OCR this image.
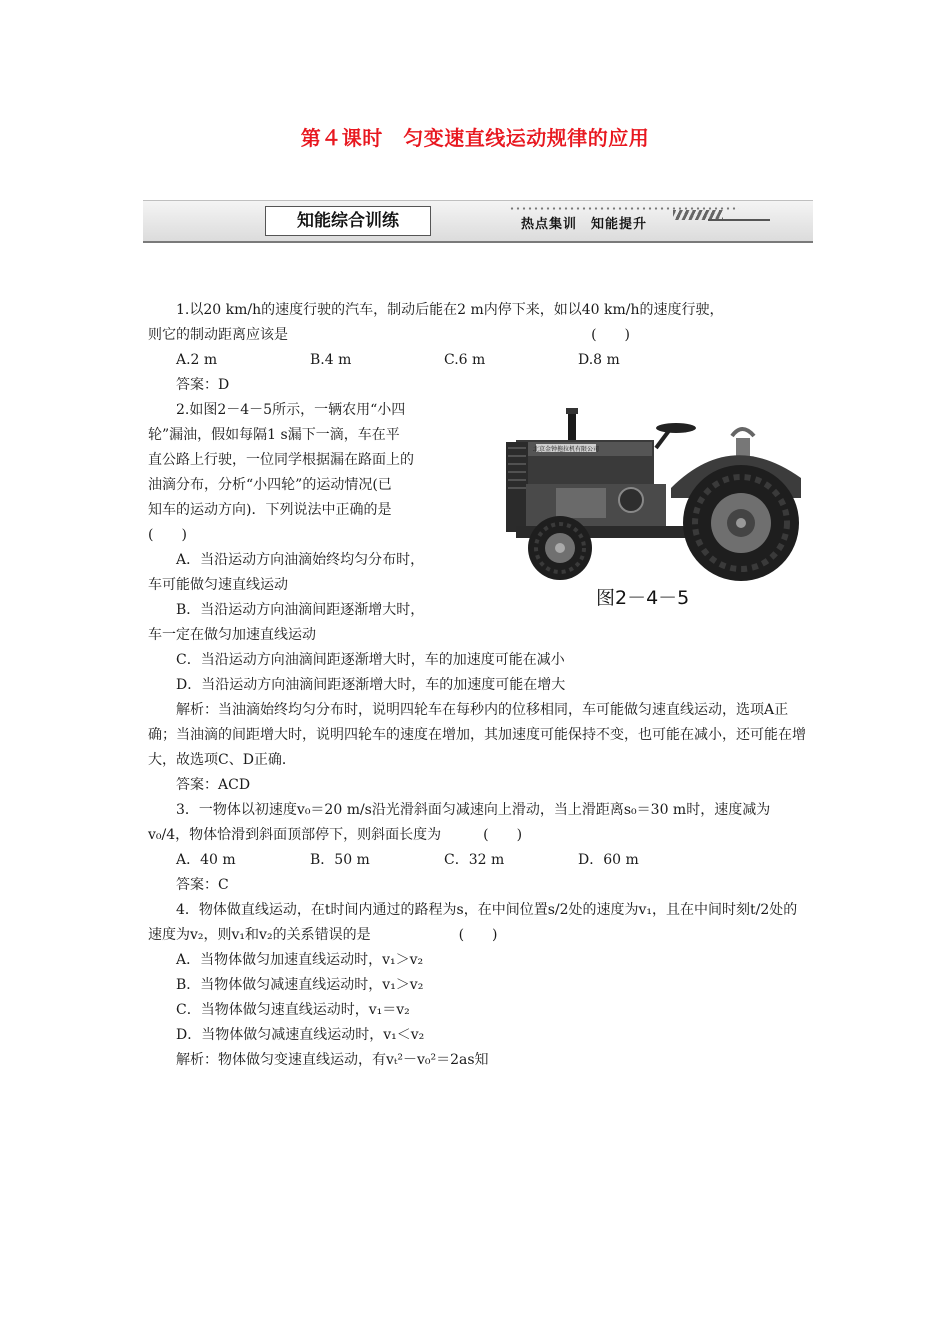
第４课时　匀变速直线运动规律的应用
知能综合训练	热点集训　知能提升

1.以20 km/h的速度行驶的汽车，制动后能在2 m内停下来，如以40 km/h的速度行驶，

则它的制动距离应该是	(　　)

A.2 m	B.4 m	C.6 m	D.8 m

答案：D

2.如图2－4－5所示，一辆农用“小四

轮”漏油，假如每隔1 s漏下一滴，车在平

直公路上行驶，一位同学根据漏在路面上的

油滴分布，分析“小四轮”的运动情况(已

知车的运动方向)．下列说法中正确的是

(　　)

A．当沿运动方向油滴始终均匀分布时，

车可能做匀速直线运动

B．当沿运动方向油滴间距逐渐增大时，

车一定在做匀加速直线运动

C．当沿运动方向油滴间距逐渐增大时，车的加速度可能在减小

D．当沿运动方向油滴间距逐渐增大时，车的加速度可能在增大

解析：当油滴始终均匀分布时，说明四轮车在每秒内的位移相同，车可能做匀速直线运动，选项A正确；当油滴的间距增大时，说明四轮车的速度在增加，其加速度可能保持不变，也可能在减小，还可能在增大，故选项C、D正确．

答案：ACD

3．一物体以初速度v₀＝20 m/s沿光滑斜面匀减速向上滑动，当上滑距离s₀＝30 m时，速度减为v₀/4，物体恰滑到斜面顶部停下，则斜面长度为	(　　)

A．40 m	B．50 m	C．32 m	D．60 m

答案：C

4．物体做直线运动，在t时间内通过的路程为s，在中间位置s/2处的速度为v₁，且在中间时刻t/2处的速度为v₂，则v₁和v₂的关系错误的是	(　　)

A．当物体做匀加速直线运动时，v₁＞v₂

B．当物体做匀减速直线运动时，v₁＞v₂

C．当物体做匀速直线运动时，v₁＝v₂

D．当物体做匀减速直线运动时，v₁＜v₂

解析：物体做匀变速直线运动，有vₜ²－v₀²＝2as知

北京金钟拖拉机有限公司
图2－4－5
